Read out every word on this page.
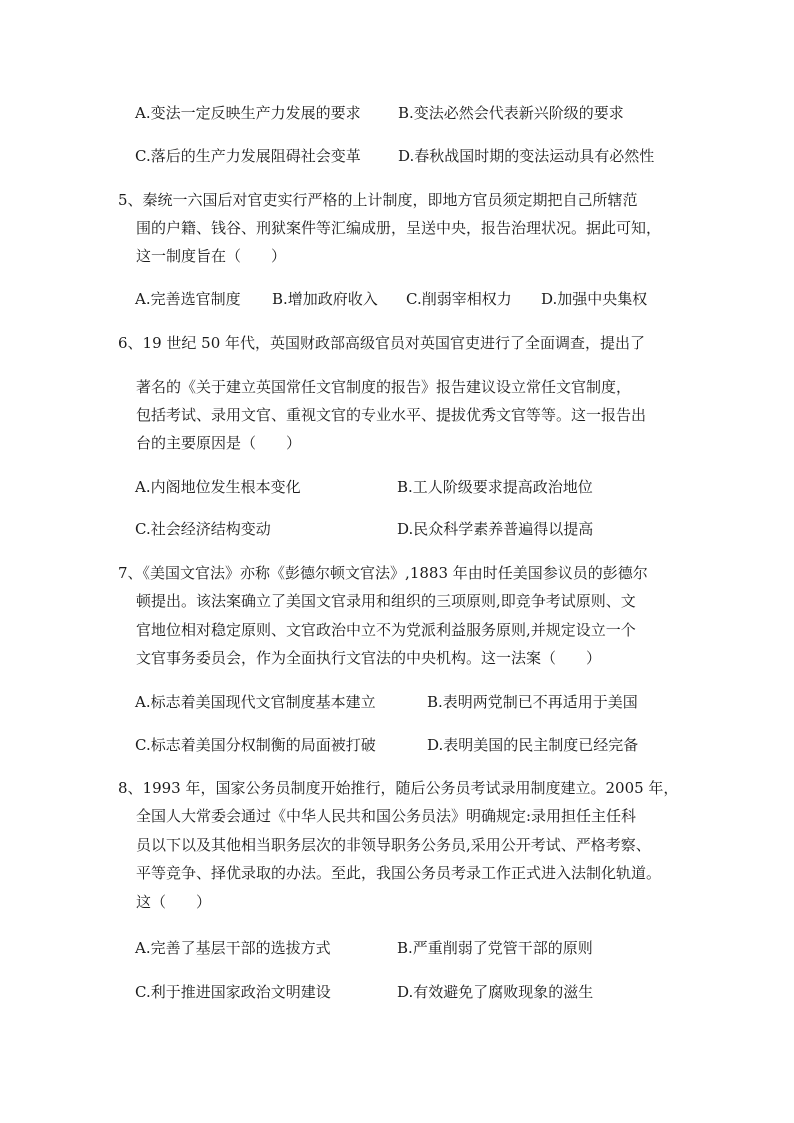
A.变法一定反映生产力发展的要求 B.变法必然会代表新兴阶级的要求
C.落后的生产力发展阻碍社会变革 D.春秋战国时期的变法运动具有必然性
5、秦统一六国后对官吏实行严格的上计制度，即地方官员须定期把自己所辖范
围的户籍、钱谷、刑狱案件等汇编成册，呈送中央，报告治理状况。据此可知，
这一制度旨在（　　）
A.完善选官制度 B.增加政府收入 C.削弱宰相权力 D.加强中央集权
6、19 世纪 50 年代，英国财政部高级官员对英国官吏进行了全面调查，提出了
著名的《关于建立英国常任文官制度的报告》报告建议设立常任文官制度，
包括考试、录用文官、重视文官的专业水平、提拔优秀文官等等。这一报告出
台的主要原因是（　　）
A.内阁地位发生根本变化	B.工人阶级要求提高政治地位
C.社会经济结构变动	D.民众科学素养普遍得以提高
7、《美国文官法》亦称《彭德尔顿文官法》,1883 年由时任美国参议员的彭德尔
顿提出。该法案确立了美国文官录用和组织的三项原则,即竞争考试原则、文
官地位相对稳定原则、文官政治中立不为党派利益服务原则,并规定设立一个
文官事务委员会，作为全面执行文官法的中央机构。这一法案（　　）
A.标志着美国现代文官制度基本建立	B.表明两党制已不再适用于美国
C.标志着美国分权制衡的局面被打破	D.表明美国的民主制度已经完备
8、1993 年，国家公务员制度开始推行，随后公务员考试录用制度建立。2005 年，
全国人大常委会通过《中华人民共和国公务员法》明确规定:录用担任主任科
员以下以及其他相当职务层次的非领导职务公务员,采用公开考试、严格考察、
平等竞争、择优录取的办法。至此，我国公务员考录工作正式进入法制化轨道。
这（　　）
A.完善了基层干部的选拔方式	B.严重削弱了党管干部的原则
C.利于推进国家政治文明建设	D.有效避免了腐败现象的滋生
